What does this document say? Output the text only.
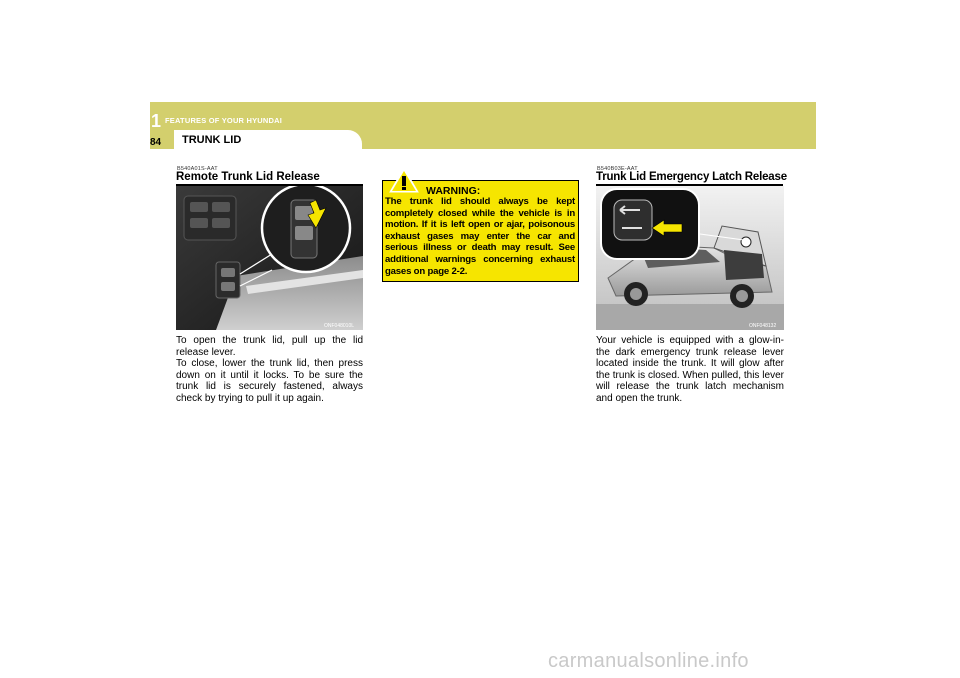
1 FEATURES OF YOUR HYUNDAI
84 TRUNK LID
B540A01S-AAT
Remote Trunk Lid Release
ONF048010L

To open the trunk lid, pull up the lid release lever.
To close, lower the trunk lid, then press down on it until it locks. To be sure the trunk lid is securely fastened, always check by trying to pull it up again.

WARNING:

The trunk lid should always be kept completely closed while the vehicle is in motion. If it is left open or ajar, poisonous exhaust gases may enter the car and serious illness or death may result. See additional warnings concerning exhaust gases on page 2-2.

B540B03E-AAT
Trunk Lid Emergency Latch Release
ONF048132

Your vehicle is equipped with a glow-in-the dark emergency trunk release lever located inside the trunk. It will glow after the trunk is closed. When pulled, this lever will release the trunk latch mechanism and open the trunk.

carmanualsonline.info
